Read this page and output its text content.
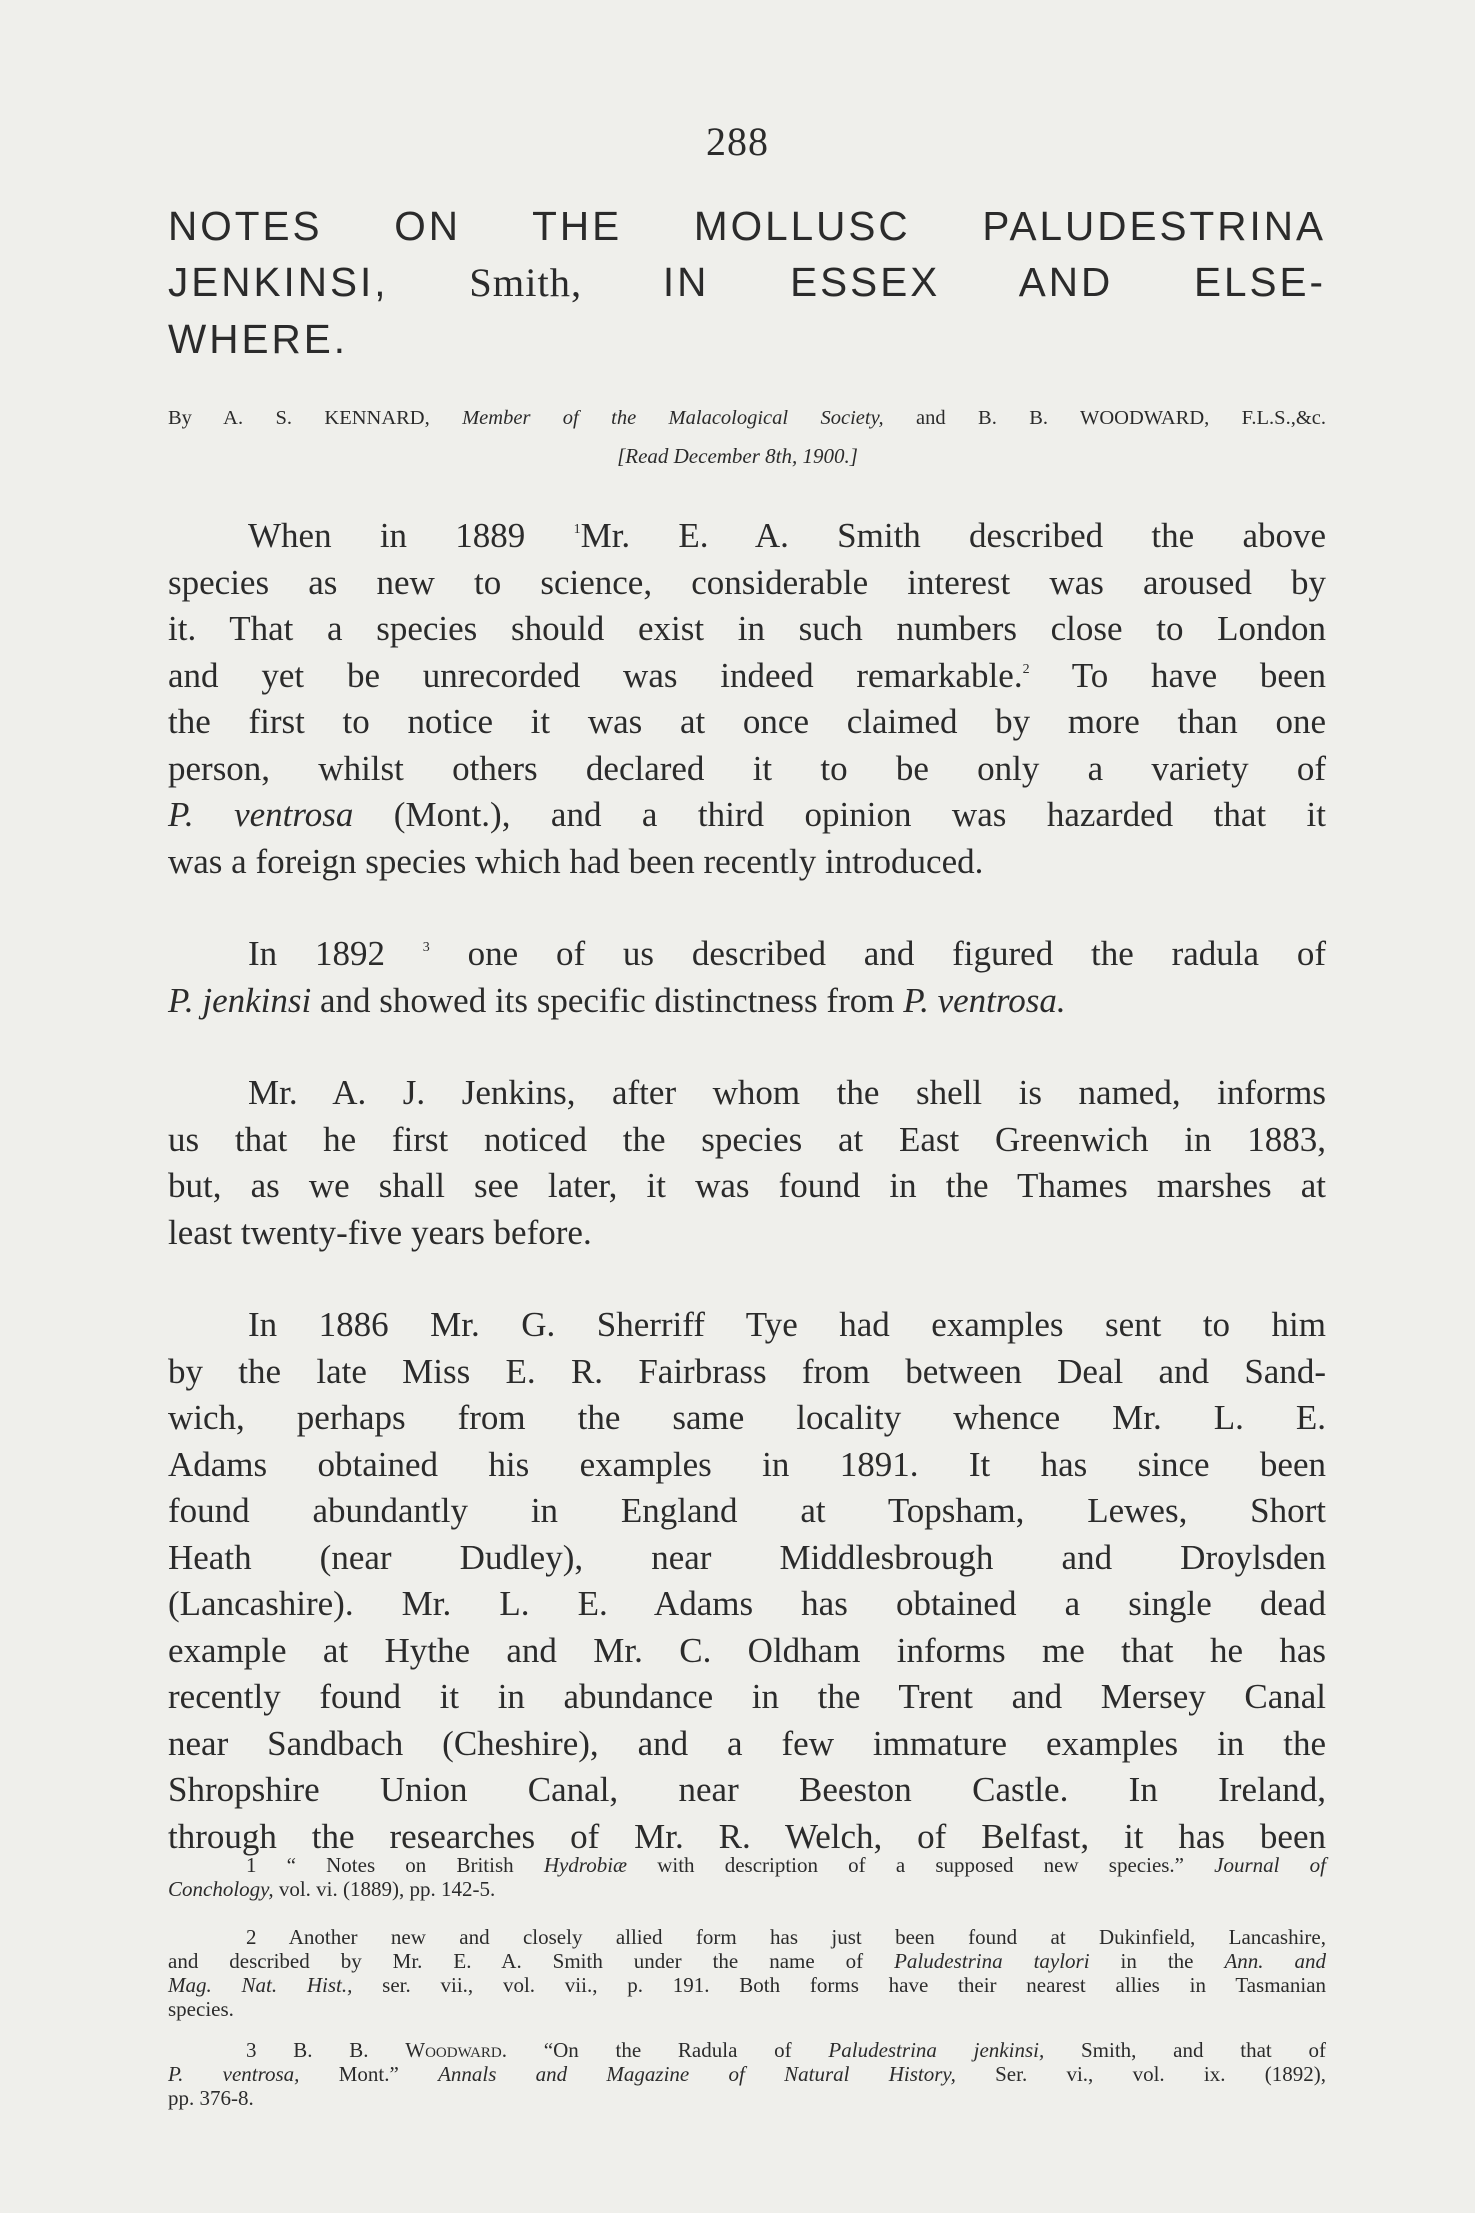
288
NOTES ON THE MOLLUSC PALUDESTRINA
JENKINSI, Smith, IN ESSEX AND ELSE-
WHERE.
By A. S. KENNARD, Member of the Malacological Society, and B. B. WOODWARD, F.L.S.,&c.
[Read December 8th, 1900.]

When in 1889 $^1$Mr. E. A. Smith described the above
species as new to science, considerable interest was aroused by
it. That a species should exist in such numbers close to London
and yet be unrecorded was indeed remarkable.$^2$ To have been
the first to notice it was at once claimed by more than one
person, whilst others declared it to be only a variety of
P. ventrosa (Mont.), and a third opinion was hazarded that it
was a foreign species which had been recently introduced.

In 1892 $^3$ one of us described and figured the radula of
P. jenkinsi and showed its specific distinctness from P. ventrosa.

Mr. A. J. Jenkins, after whom the shell is named, informs
us that he first noticed the species at East Greenwich in 1883,
but, as we shall see later, it was found in the Thames marshes at
least twenty-five years before.

In 1886 Mr. G. Sherriff Tye had examples sent to him
by the late Miss E. R. Fairbrass from between Deal and Sand-
wich, perhaps from the same locality whence Mr. L. E.
Adams obtained his examples in 1891. It has since been
found abundantly in England at Topsham, Lewes, Short
Heath (near Dudley), near Middlesbrough and Droylsden
(Lancashire). Mr. L. E. Adams has obtained a single dead
example at Hythe and Mr. C. Oldham informs me that he has
recently found it in abundance in the Trent and Mersey Canal
near Sandbach (Cheshire), and a few immature examples in the
Shropshire Union Canal, near Beeston Castle. In Ireland,
through the researches of Mr. R. Welch, of Belfast, it has been

1 “ Notes on British Hydrobiæ with description of a supposed new species.” Journal of
Conchology, vol. vi. (1889), pp. 142-5.
2 Another new and closely allied form has just been found at Dukinfield, Lancashire,
and described by Mr. E. A. Smith under the name of Paludestrina taylori in the Ann. and
Mag. Nat. Hist., ser. vii., vol. vii., p. 191. Both forms have their nearest allies in Tasmanian
species.
3 B. B. Woodward. “On the Radula of Paludestrina jenkinsi, Smith, and that of
P. ventrosa, Mont.” Annals and Magazine of Natural History, Ser. vi., vol. ix. (1892),
pp. 376-8.
